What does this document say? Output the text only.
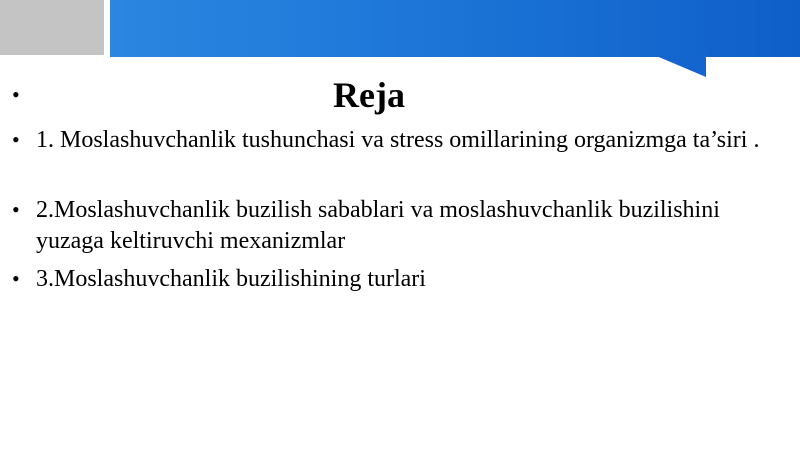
•	Reja
• 1. Moslashuvchanlik tushunchasi va stress omillarining organizmga ta’siri .
• 2.Moslashuvchanlik buzilish sabablari va moslashuvchanlik buzilishini yuzaga keltiruvchi mexanizmlar
• 3.Moslashuvchanlik buzilishining turlari
